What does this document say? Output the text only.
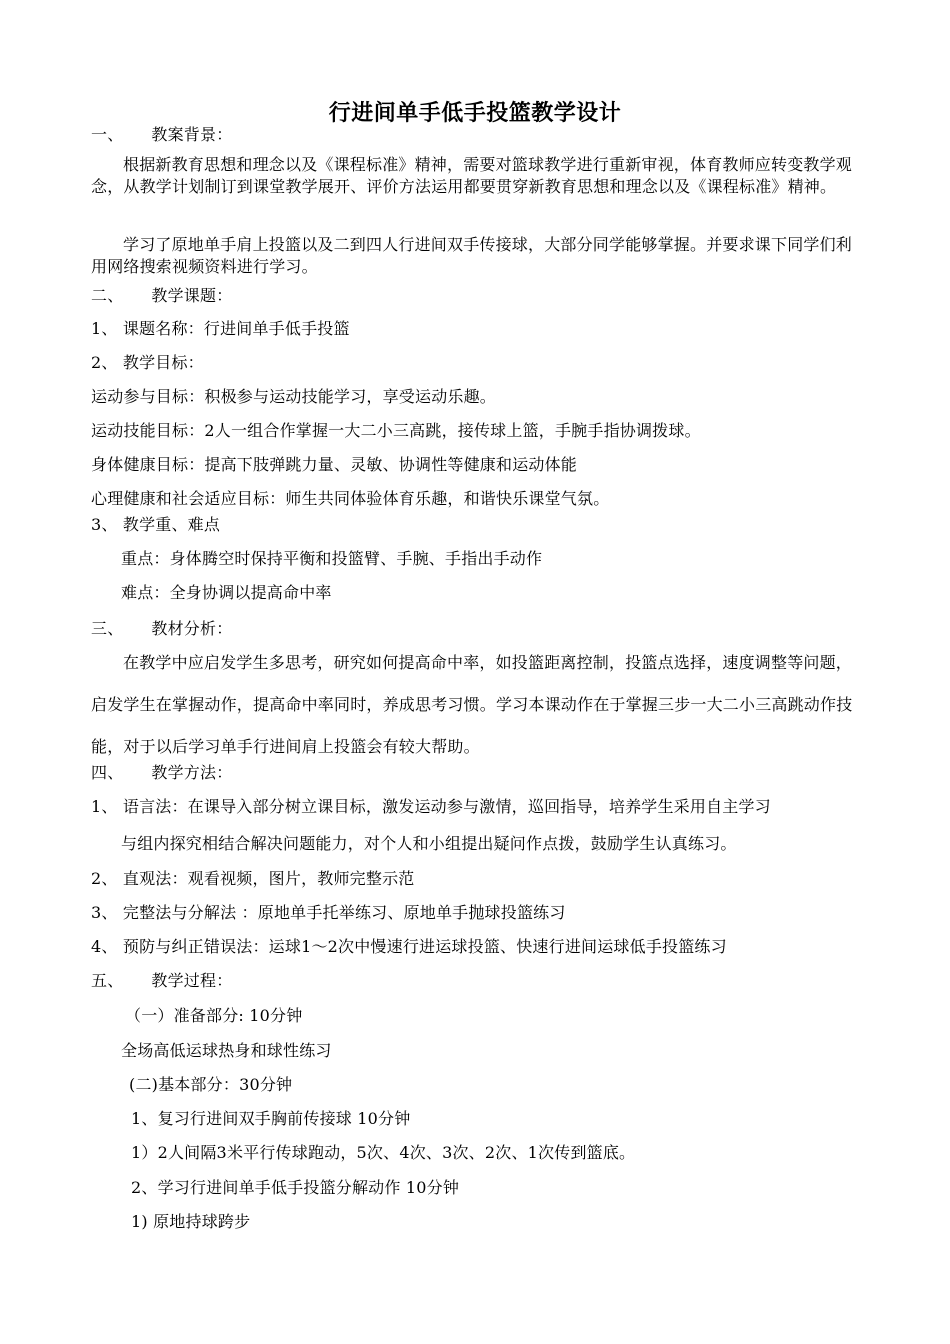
行进间单手低手投篮教学设计
一、 教案背景：
根据新教育思想和理念以及《课程标准》精神，需要对篮球教学进行重新审视，体育教师应转变教学观念，从教学计划制订到课堂教学展开、评价方法运用都要贯穿新教育思想和理念以及《课程标准》精神。
学习了原地单手肩上投篮以及二到四人行进间双手传接球，大部分同学能够掌握。并要求课下同学们利用网络搜索视频资料进行学习。
二、 教学课题：
1、 课题名称：行进间单手低手投篮
2、 教学目标：
运动参与目标：积极参与运动技能学习，享受运动乐趣。
运动技能目标：2人一组合作掌握一大二小三高跳，接传球上篮，手腕手指协调拨球。
身体健康目标：提高下肢弹跳力量、灵敏、协调性等健康和运动体能
心理健康和社会适应目标：师生共同体验体育乐趣，和谐快乐课堂气氛。
3、 教学重、难点
重点：身体腾空时保持平衡和投篮臂、手腕、手指出手动作
难点：全身协调以提高命中率
三、 教材分析：
在教学中应启发学生多思考，研究如何提高命中率，如投篮距离控制，投篮点选择，速度调整等问题，启发学生在掌握动作，提高命中率同时，养成思考习惯。学习本课动作在于掌握三步一大二小三高跳动作技能，对于以后学习单手行进间肩上投篮会有较大帮助。
四、 教学方法：
1、 语言法：在课导入部分树立课目标，激发运动参与激情，巡回指导，培养学生采用自主学习
与组内探究相结合解决问题能力，对个人和小组提出疑问作点拨，鼓励学生认真练习。
2、 直观法：观看视频，图片，教师完整示范
3、 完整法与分解法 ：原地单手托举练习、原地单手抛球投篮练习
4、 预防与纠正错误法：运球1～2次中慢速行进运球投篮、快速行进间运球低手投篮练习
五、 教学过程：
（一）准备部分: 10分钟
全场高低运球热身和球性练习
(二)基本部分：30分钟
1、复习行进间双手胸前传接球 10分钟
1）2人间隔3米平行传球跑动，5次、4次、3次、2次、1次传到篮底。
2、学习行进间单手低手投篮分解动作 10分钟
1) 原地持球跨步
